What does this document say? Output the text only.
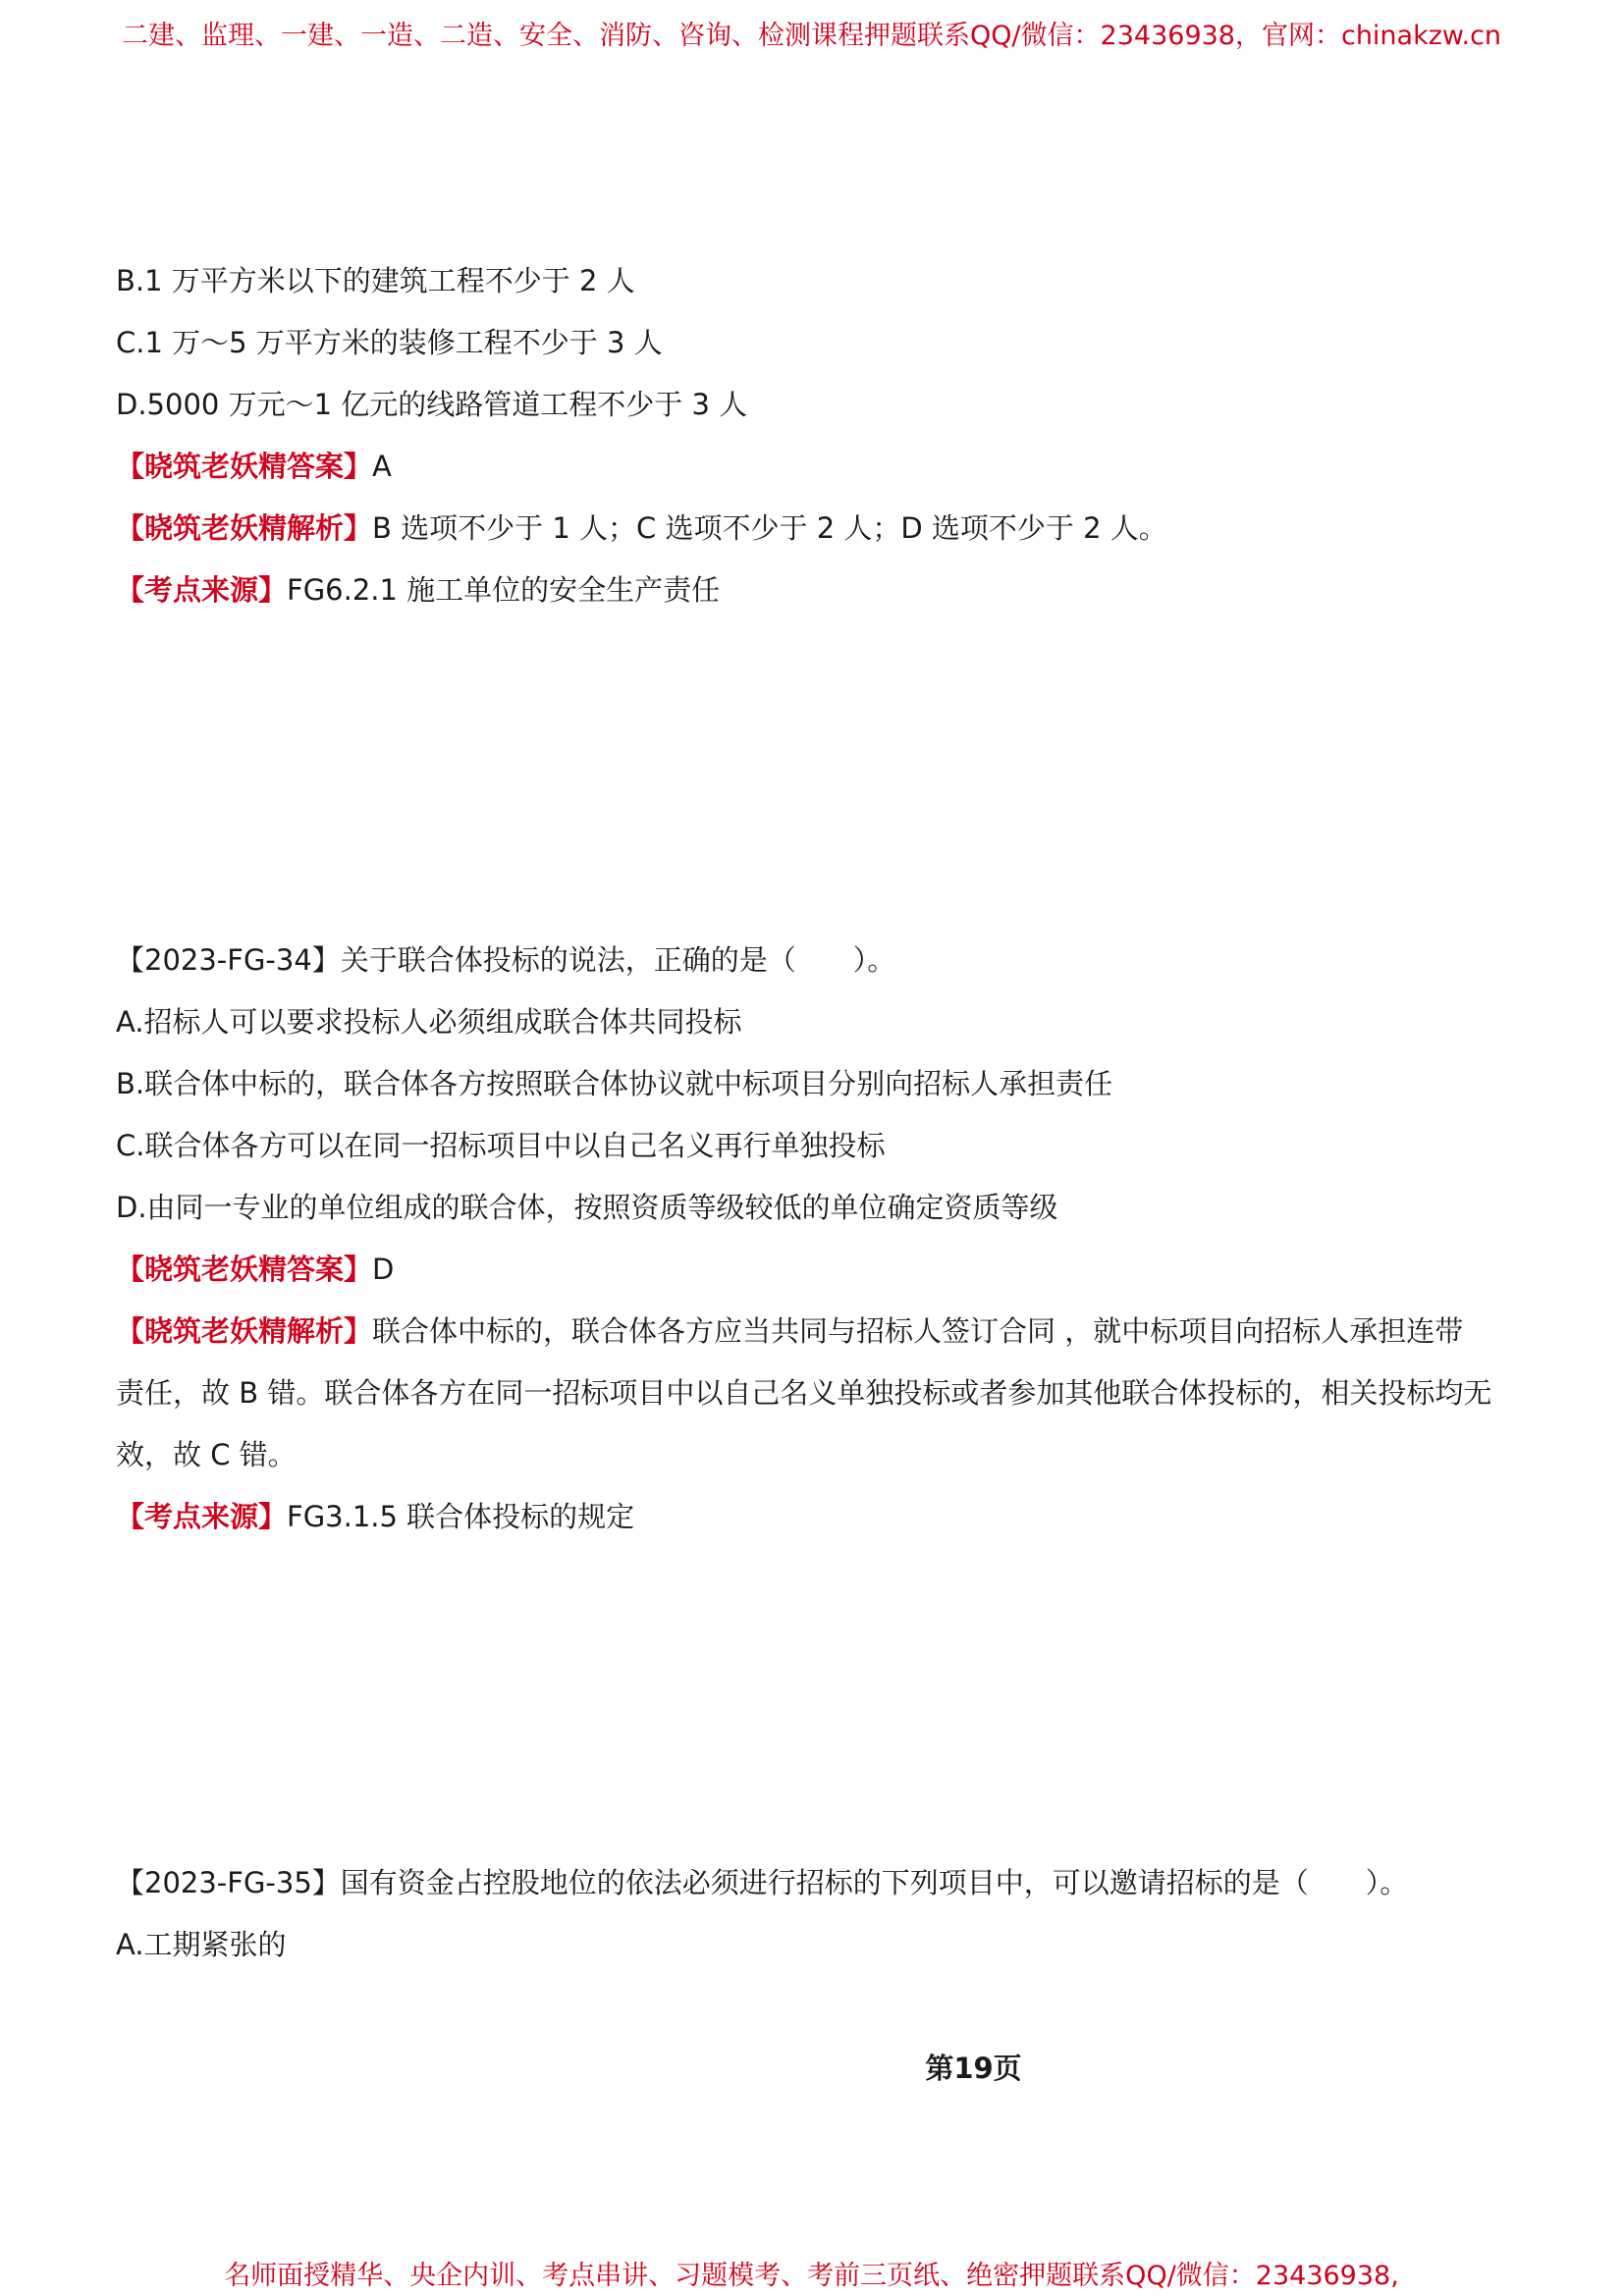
二建、监理、一建、一造、二造、安全、消防、咨询、检测课程押题联系QQ/微信：23436938，官网：chinakzw.cn
B.1 万平方米以下的建筑工程不少于 2 人
C.1 万～5 万平方米的装修工程不少于 3 人
D.5000 万元～1 亿元的线路管道工程不少于 3 人
【晓筑老妖精答案】A
【晓筑老妖精解析】B 选项不少于 1 人；C 选项不少于 2 人；D 选项不少于 2 人。
【考点来源】FG6.2.1 施工单位的安全生产责任
【2023-FG-34】关于联合体投标的说法，正确的是（　　）。
A.招标人可以要求投标人必须组成联合体共同投标
B.联合体中标的，联合体各方按照联合体协议就中标项目分别向招标人承担责任
C.联合体各方可以在同一招标项目中以自己名义再行单独投标
D.由同一专业的单位组成的联合体，按照资质等级较低的单位确定资质等级
【晓筑老妖精答案】D
【晓筑老妖精解析】联合体中标的，联合体各方应当共同与招标人签订合同 ，就中标项目向招标人承担连带
责任，故 B 错。联合体各方在同一招标项目中以自己名义单独投标或者参加其他联合体投标的，相关投标均无
效，故 C 错。
【考点来源】FG3.1.5 联合体投标的规定
【2023-FG-35】国有资金占控股地位的依法必须进行招标的下列项目中，可以邀请招标的是（　　）。
A.工期紧张的
第19页
名师面授精华、央企内训、考点串讲、习题模考、考前三页纸、绝密押题联系QQ/微信：23436938,
